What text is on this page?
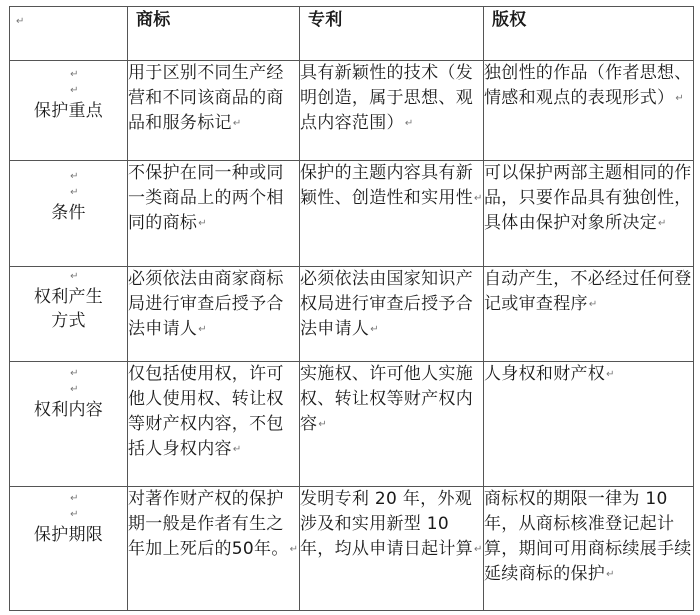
↵	商标	专利	版权

↵
↵
保护重点	用于区别不同生产经营和不同该商品的商品和服务标记↵	具有新颖性的技术（发明创造，属于思想、观点内容范围）↵	独创性的作品（作者思想、情感和观点的表现形式）↵

↵
↵
条件	不保护在同一种或同一类商品上的两个相同的商标↵	保护的主题内容具有新颖性、创造性和实用性↵	可以保护两部主题相同的作品，只要作品具有独创性，具体由保护对象所决定↵

↵
权利产生
方式	必须依法由商家商标局进行审查后授予合法申请人↵	必须依法由国家知识产权局进行审查后授予合法申请人↵	自动产生，不必经过任何登记或审查程序↵

↵
↵
权利内容	仅包括使用权，许可他人使用权、转让权等财产权内容，不包括人身权内容↵	实施权、许可他人实施权、转让权等财产权内容↵	人身权和财产权↵

↵
↵
保护期限	对著作财产权的保护期一般是作者有生之年加上死后的50年。↵	发明专利 20 年，外观涉及和实用新型 10 年，均从申请日起计算↵	商标权的期限一律为 10 年，从商标核准登记起计算，期间可用商标续展手续延续商标的保护↵
